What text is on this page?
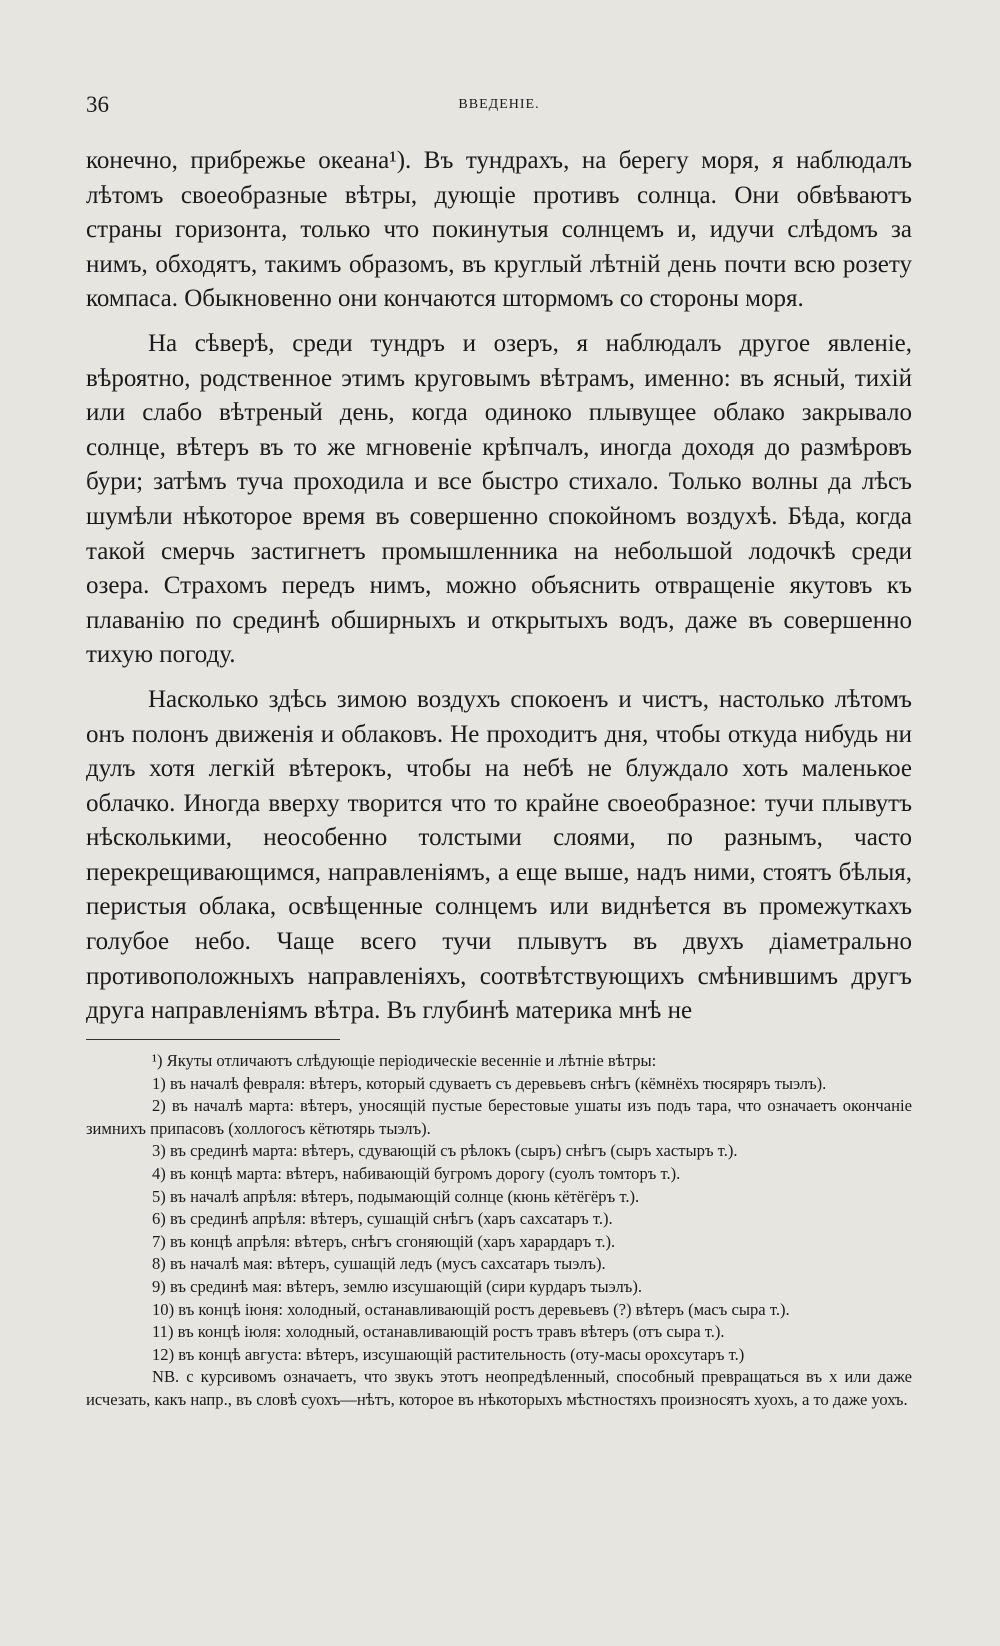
36	ВВЕДЕНІЕ.

конечно, прибрежье океана¹). Въ тундрахъ, на берегу моря, я наблюдалъ лѣтомъ своеобразные вѣтры, дующіе противъ солнца. Они обвѣваютъ страны горизонта, только что покинутыя солнцемъ и, идучи слѣдомъ за нимъ, обходятъ, такимъ образомъ, въ круглый лѣтній день почти всю розету компаса. Обыкновенно они кончаются штормомъ со стороны моря.

На сѣверѣ, среди тундръ и озеръ, я наблюдалъ другое явленіе, вѣроятно, родственное этимъ круговымъ вѣтрамъ, именно: въ ясный, тихій или слабо вѣтреный день, когда одиноко плывущее облако закрывало солнце, вѣтеръ въ то же мгновеніе крѣпчалъ, иногда доходя до размѣровъ бури; затѣмъ туча проходила и все быстро стихало. Только волны да лѣсъ шумѣли нѣкоторое время въ совершенно спокойномъ воздухѣ. Бѣда, когда такой смерчь застигнетъ промышленника на небольшой лодочкѣ среди озера. Страхомъ передъ нимъ, можно объяснить отвращеніе якутовъ къ плаванію по срединѣ обширныхъ и открытыхъ водъ, даже въ совершенно тихую погоду.

Насколько здѣсь зимою воздухъ спокоенъ и чистъ, настолько лѣтомъ онъ полонъ движенія и облаковъ. Не проходитъ дня, чтобы откуда нибудь ни дулъ хотя легкій вѣтерокъ, чтобы на небѣ не блуждало хоть маленькое облачко. Иногда вверху творится что то крайне своеобразное: тучи плывутъ нѣсколькими, неособенно толстыми слоями, по разнымъ, часто перекрещивающимся, направленіямъ, а еще выше, надъ ними, стоятъ бѣлыя, перистыя облака, освѣщенные солнцемъ или виднѣется въ промежуткахъ голубое небо. Чаще всего тучи плывутъ въ двухъ діаметрально противоположныхъ направленіяхъ, соотвѣтствующихъ смѣнившимъ другъ друга направленіямъ вѣтра. Въ глубинѣ материка мнѣ не

¹) Якуты отличаютъ слѣдующіе періодическіе весенніе и лѣтніе вѣтры:

1) въ началѣ февраля: вѣтеръ, который сдуваетъ съ деревьевъ снѣгъ (кёмнёхъ тюсяряръ тыэлъ).

2) въ началѣ марта: вѣтеръ, уносящій пустые берестовые ушаты изъ подъ тара, что означаетъ окончаніе зимнихъ припасовъ (холлогосъ кётютярь тыэлъ).

3) въ срединѣ марта: вѣтеръ, сдувающій съ рѣлокъ (сыръ) снѣгъ (сыръ хастыръ т.).

4) въ концѣ марта: вѣтеръ, набивающій бугромъ дорогу (суолъ томторъ т.).

5) въ началѣ апрѣля: вѣтеръ, подымающій солнце (кюнь кётёгёръ т.).

6) въ срединѣ апрѣля: вѣтеръ, сушащій снѣгъ (харъ сахсатаръ т.).

7) въ концѣ апрѣля: вѣтеръ, снѣгъ сгоняющій (харъ харардаръ т.).

8) въ началѣ мая: вѣтеръ, сушащій ледъ (мусъ сахсатаръ тыэлъ).

9) въ срединѣ мая: вѣтеръ, землю изсушающій (сири курдаръ тыэлъ).

10) въ концѣ іюня: холодный, останавливающій ростъ деревьевъ (?) вѣтеръ (масъ сыра т.).

11) въ концѣ іюля: холодный, останавливающій ростъ травъ вѣтеръ (отъ сыра т.).

12) въ концѣ августа: вѣтеръ, изсушающій растительность (оту-масы орохсутаръ т.)

NB. с курсивомъ означаетъ, что звукъ этотъ неопредѣленный, способный превращаться въ х или даже исчезать, какъ напр., въ словѣ суохъ—нѣтъ, которое въ нѣкоторыхъ мѣстностяхъ произносятъ хуохъ, а то даже уохъ.
